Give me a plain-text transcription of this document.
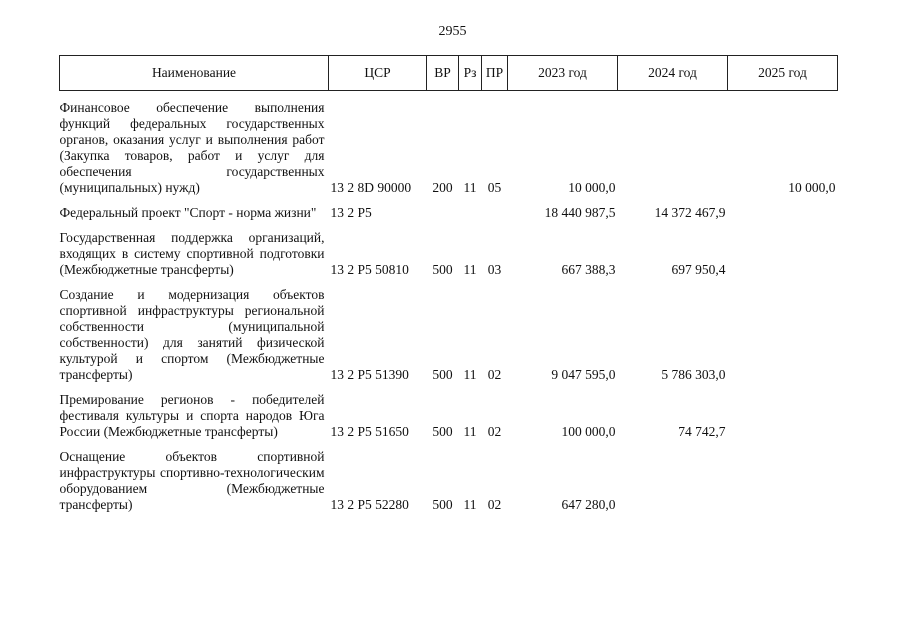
2955
Наименование	ЦСР	ВР	Рз	ПР	2023 год	2024 год	2025 год

Финансовое обеспечение выполнения функций федеральных государственных органов, оказания услуг и выполнения работ (Закупка товаров, работ и услуг для обеспечения государственных (муниципальных) нужд)	13 2 8D 90000	200	11	05	10 000,0		10 000,0

Федеральный проект "Спорт - норма жизни"	13 2 Р5				18 440 987,5	14 372 467,9	

Государственная поддержка организаций, входящих в систему спортивной подготовки (Межбюджетные трансферты)	13 2 Р5 50810	500	11	03	667 388,3	697 950,4	

Создание и модернизация объектов спортивной инфраструктуры региональной собственности (муниципальной собственности) для занятий физической культурой и спортом (Межбюджетные трансферты)	13 2 Р5 51390	500	11	02	9 047 595,0	5 786 303,0	

Премирование регионов - победителей фестиваля культуры и спорта народов Юга России (Межбюджетные трансферты)	13 2 Р5 51650	500	11	02	100 000,0	74 742,7	

Оснащение объектов спортивной инфраструктуры спортивно-технологическим оборудованием (Межбюджетные трансферты)	13 2 Р5 52280	500	11	02	647 280,0		
